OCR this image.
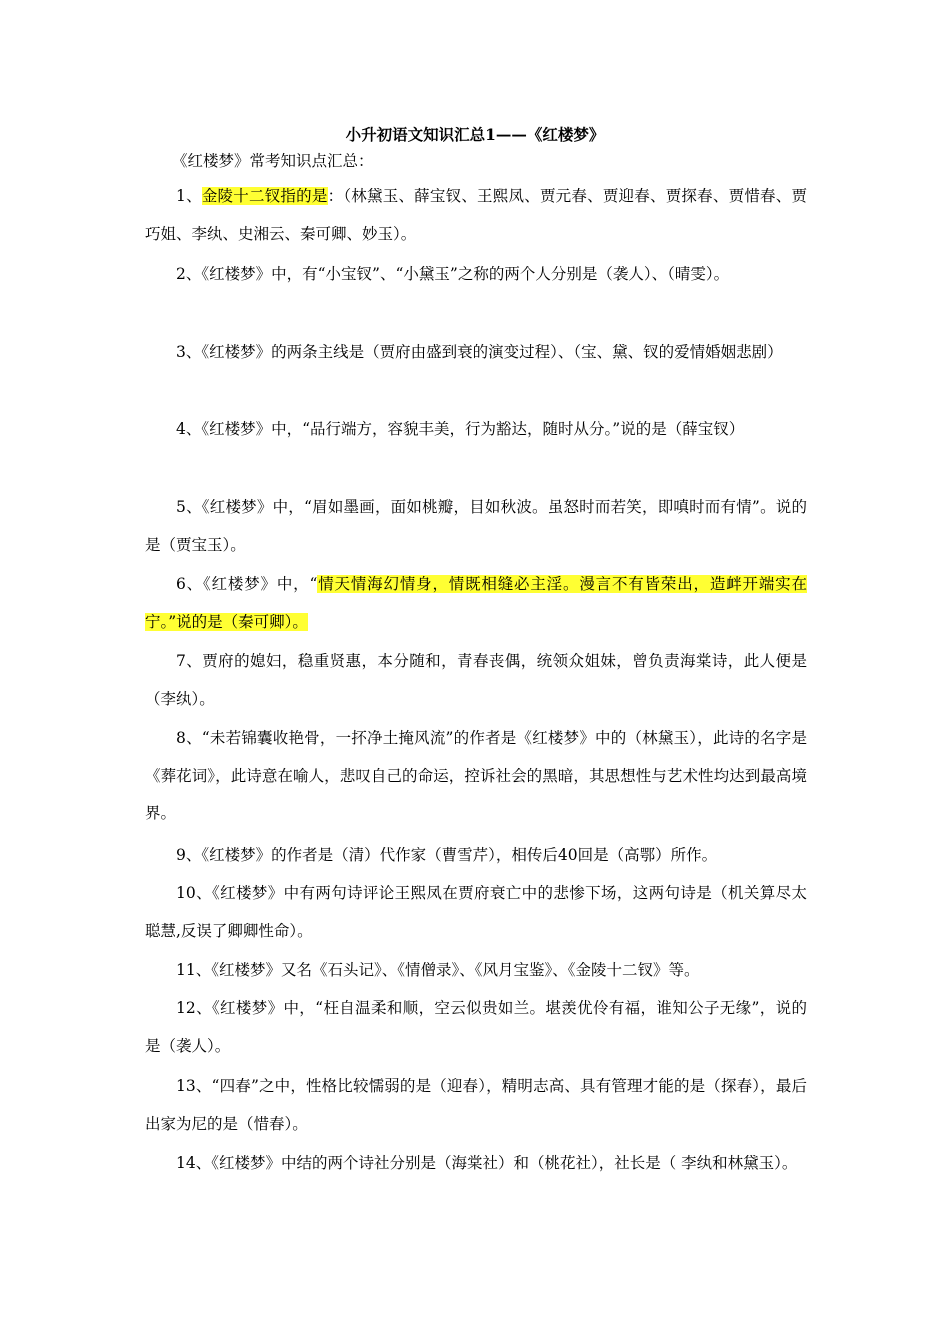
小升初语文知识汇总1——《红楼梦》
《红楼梦》常考知识点汇总：

1、金陵十二钗指的是：（林黛玉、薛宝钗、王熙凤、贾元春、贾迎春、贾探春、贾惜春、贾巧姐、李纨、史湘云、秦可卿、妙玉）。

2、《红楼梦》中，有“小宝钗”、“小黛玉”之称的两个人分别是（袭人）、（晴雯）。

3、《红楼梦》的两条主线是（贾府由盛到衰的演变过程）、（宝、黛、钗的爱情婚姻悲剧）

4、《红楼梦》中，“品行端方，容貌丰美，行为豁达，随时从分。”说的是（薛宝钗）

5、《红楼梦》中，“眉如墨画，面如桃瓣，目如秋波。虽怒时而若笑，即嗔时而有情”。说的是（贾宝玉）。

6、《红楼梦》中，“情天情海幻情身，情既相缝必主淫。漫言不有皆荣出，造衅开端实在宁。”说的是（秦可卿）。

7、贾府的媳妇，稳重贤惠，本分随和，青春丧偶，统领众姐妹，曾负责海棠诗，此人便是（李纨）。

8、“未若锦囊收艳骨，一抔净土掩风流”的作者是《红楼梦》中的（林黛玉），此诗的名字是《葬花词》，此诗意在喻人，悲叹自己的命运，控诉社会的黑暗，其思想性与艺术性均达到最高境界。

9、《红楼梦》的作者是（清）代作家（曹雪芹），相传后40回是（高鄂）所作。

10、《红楼梦》中有两句诗评论王熙凤在贾府衰亡中的悲惨下场，这两句诗是（机关算尽太聪慧,反误了卿卿性命）。

11、《红楼梦》又名《石头记》、《情僧录》、《风月宝鉴》、《金陵十二钗》等。

12、《红楼梦》中，“枉自温柔和顺，空云似贵如兰。堪羡优伶有福，谁知公子无缘”，说的是（袭人）。

13、“四春”之中，性格比较懦弱的是（迎春），精明志高、具有管理才能的是（探春），最后出家为尼的是（惜春）。

14、《红楼梦》中结的两个诗社分别是（海棠社）和（桃花社），社长是（ 李纨和林黛玉）。
